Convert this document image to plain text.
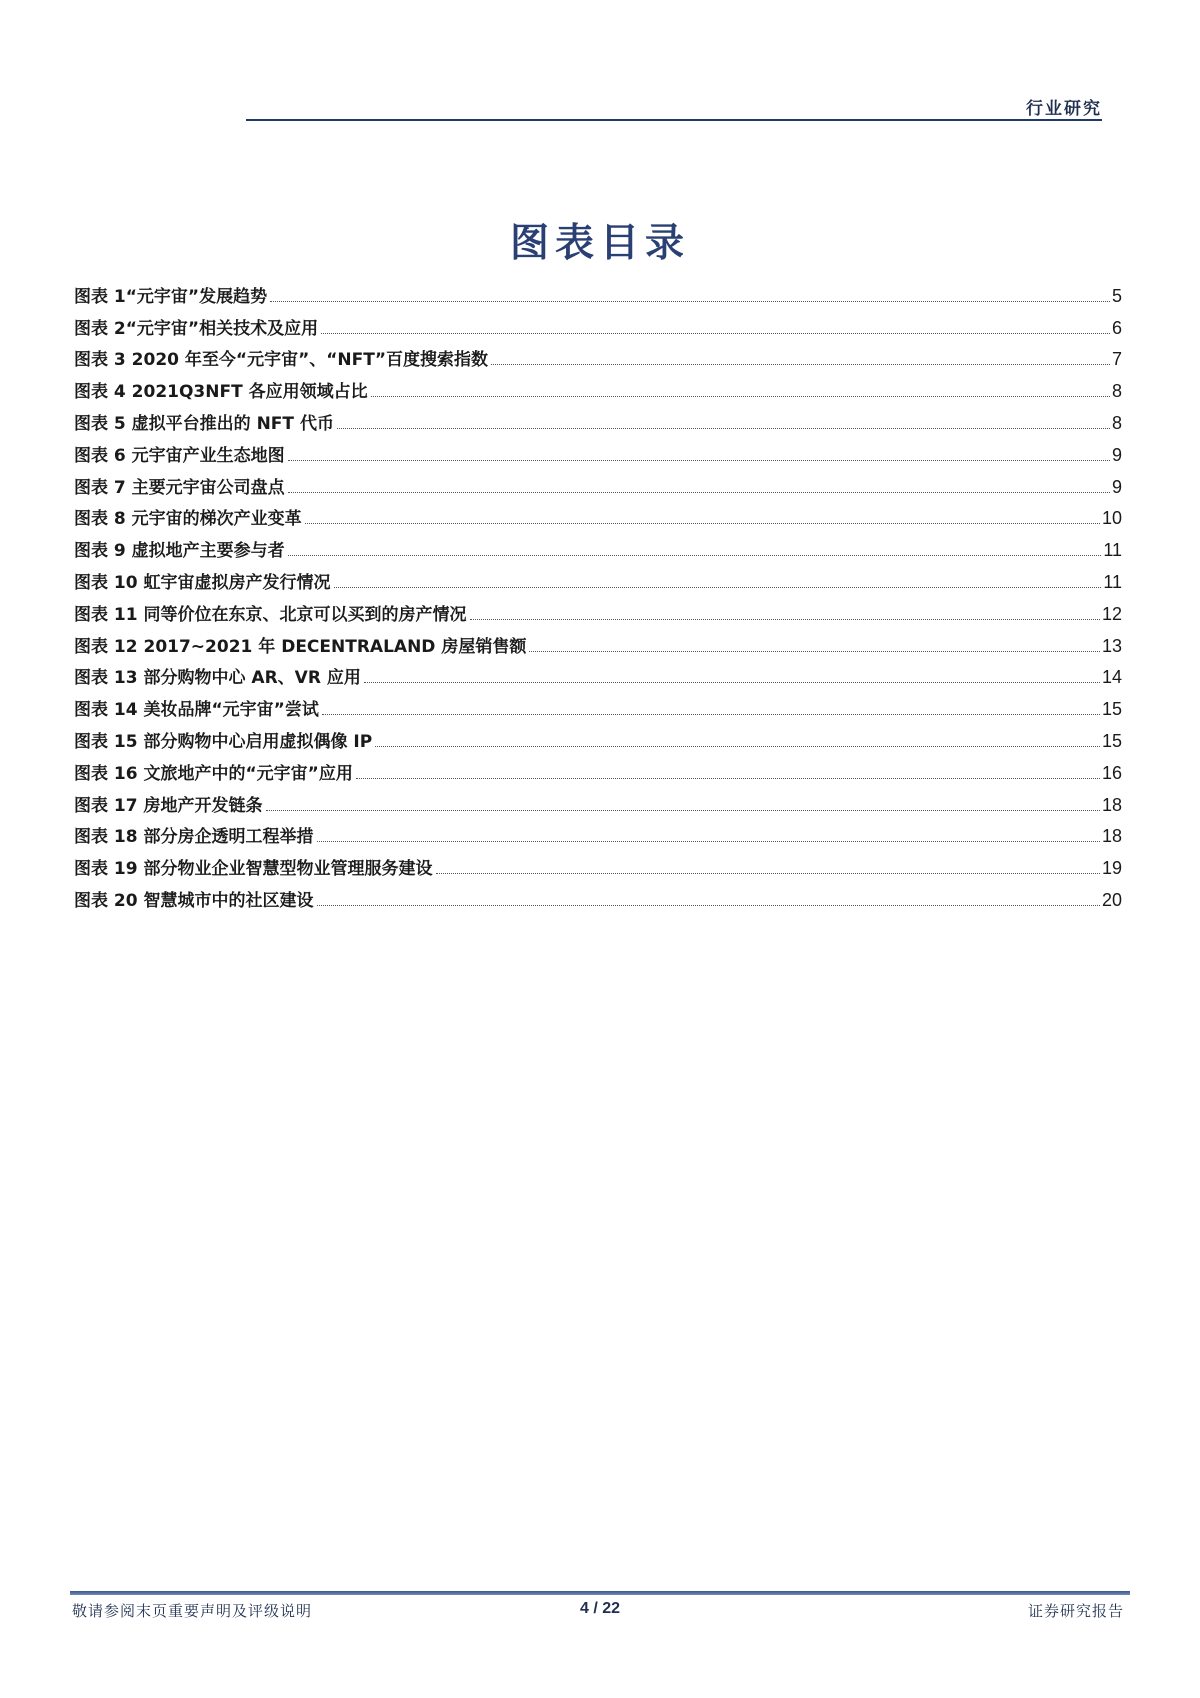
行业研究
图表目录
图表 1“元宇宙”发展趋势	5
图表 2“元宇宙”相关技术及应用	6
图表 3 2020 年至今“元宇宙”、“NFT”百度搜索指数	7
图表 4 2021Q3NFT 各应用领域占比	8
图表 5 虚拟平台推出的 NFT 代币	8
图表 6 元宇宙产业生态地图	9
图表 7 主要元宇宙公司盘点	9
图表 8 元宇宙的梯次产业变革	10
图表 9 虚拟地产主要参与者	11
图表 10 虹宇宙虚拟房产发行情况	11
图表 11 同等价位在东京、北京可以买到的房产情况	12
图表 12 2017~2021 年 DECENTRALAND 房屋销售额	13
图表 13 部分购物中心 AR、VR 应用	14
图表 14 美妆品牌“元宇宙”尝试	15
图表 15 部分购物中心启用虚拟偶像 IP	15
图表 16 文旅地产中的“元宇宙”应用	16
图表 17 房地产开发链条	18
图表 18 部分房企透明工程举措	18
图表 19 部分物业企业智慧型物业管理服务建设	19
图表 20 智慧城市中的社区建设	20
敬请参阅末页重要声明及评级说明	4 / 22	证券研究报告
